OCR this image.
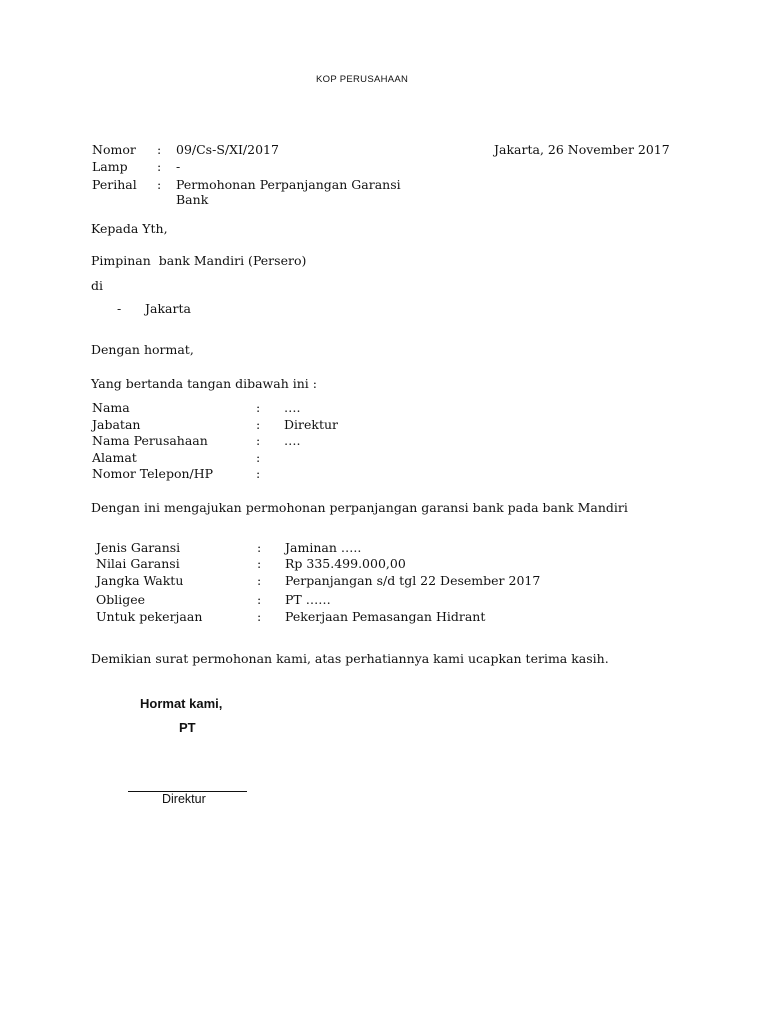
KOP PERUSAHAAN
Nomor : 09/Cs-S/XI/2017	Jakarta, 26 November 2017
Lamp : -
Perihal : Permohonan Perpanjangan Garansi Bank
Kepada Yth,
Pimpinan  bank Mandiri (Persero)
di
- Jakarta
Dengan hormat,
Yang bertanda tangan dibawah ini :
Nama	: ….
Jabatan	: Direktur
Nama Perusahaan	: ….
Alamat	:
Nomor Telepon/HP	:
Dengan ini mengajukan permohonan perpanjangan garansi bank pada bank Mandiri
Jenis Garansi	: Jaminan …..
Nilai Garansi	: Rp 335.499.000,00
Jangka Waktu	: Perpanjangan s/d tgl 22 Desember 2017
Obligee	: PT ……
Untuk pekerjaan	: Pekerjaan Pemasangan Hidrant
Demikian surat permohonan kami, atas perhatiannya kami ucapkan terima kasih.
Hormat kami,
PT
Direktur
